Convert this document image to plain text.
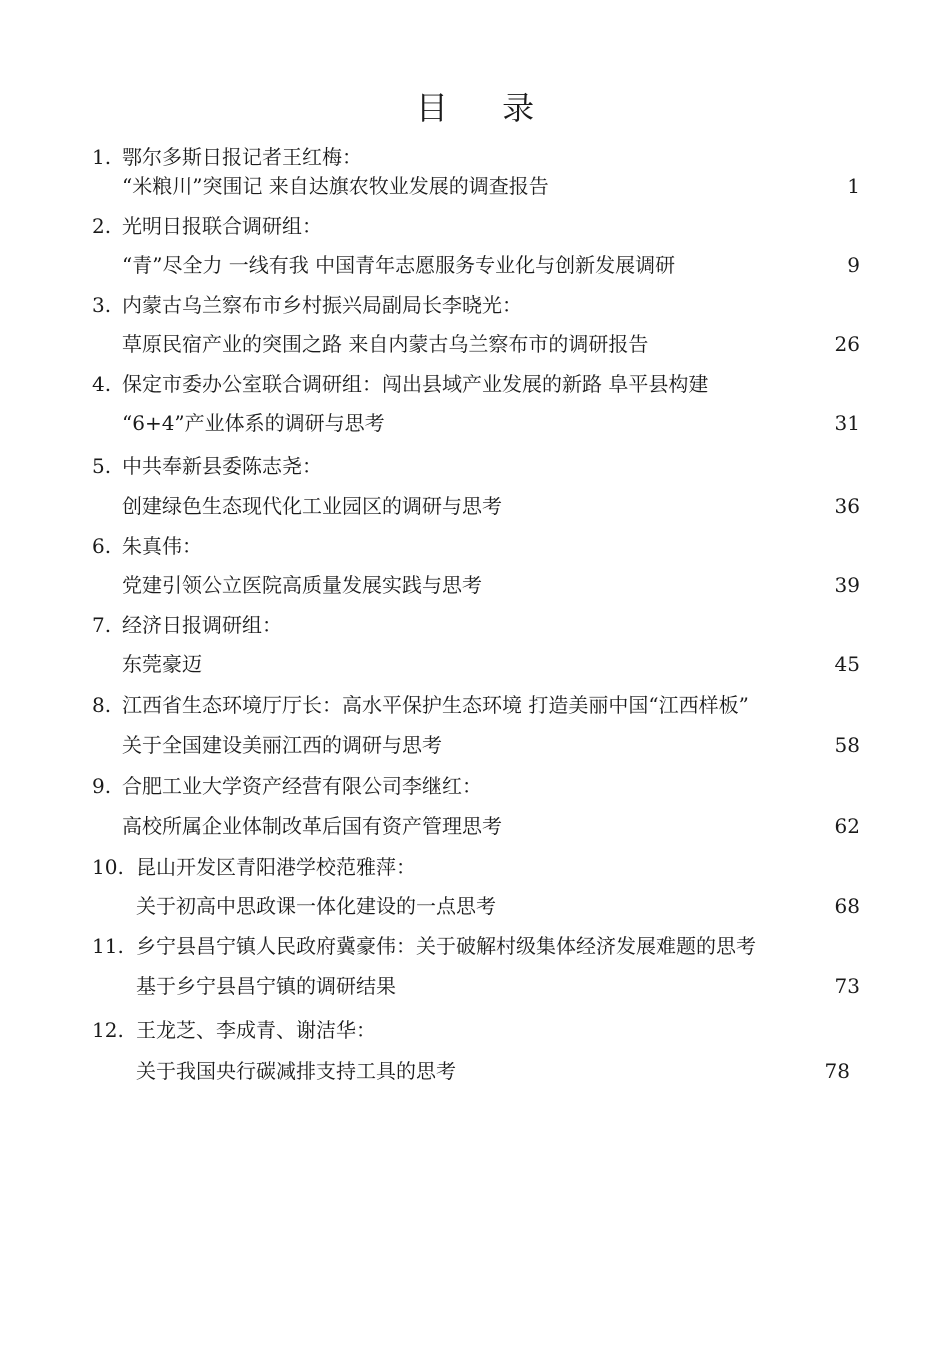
目 录
1. 鄂尔多斯日报记者王红梅：
“米粮川”突围记 来自达旗农牧业发展的调查报告	1
2. 光明日报联合调研组：
“青”尽全力 一线有我 中国青年志愿服务专业化与创新发展调研	9
3. 内蒙古乌兰察布市乡村振兴局副局长李晓光：
草原民宿产业的突围之路 来自内蒙古乌兰察布市的调研报告	26
4. 保定市委办公室联合调研组：闯出县域产业发展的新路 阜平县构建
“6+4”产业体系的调研与思考	31
5. 中共奉新县委陈志尧：
创建绿色生态现代化工业园区的调研与思考	36
6. 朱真伟：
党建引领公立医院高质量发展实践与思考	39
7. 经济日报调研组：
东莞豪迈	45
8. 江西省生态环境厅厅长：高水平保护生态环境 打造美丽中国“江西样板”
关于全国建设美丽江西的调研与思考	58
9. 合肥工业大学资产经营有限公司李继红：
高校所属企业体制改革后国有资产管理思考	62
10. 昆山开发区青阳港学校范雅萍：
关于初高中思政课一体化建设的一点思考	68
11. 乡宁县昌宁镇人民政府冀豪伟：关于破解村级集体经济发展难题的思考
基于乡宁县昌宁镇的调研结果	73
12. 王龙芝、李成青、谢洁华：
关于我国央行碳减排支持工具的思考	78
